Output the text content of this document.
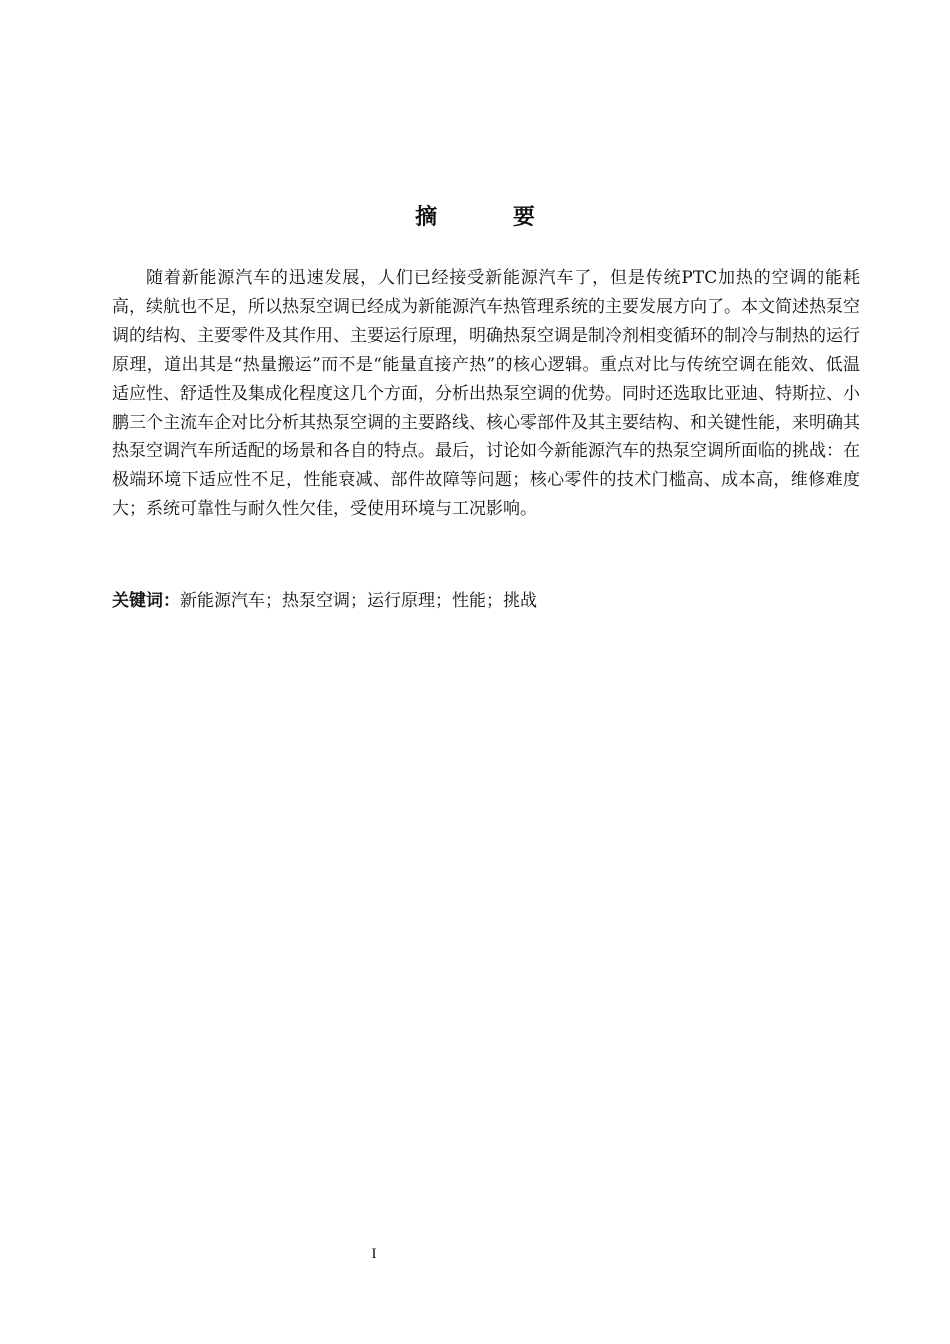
摘 要

随着新能源汽车的迅速发展，人们已经接受新能源汽车了，但是传统PTC加热的空调的能耗高，续航也不足，所以热泵空调已经成为新能源汽车热管理系统的主要发展方向了。本文简述热泵空调的结构、主要零件及其作用、主要运行原理，明确热泵空调是制冷剂相变循环的制冷与制热的运行原理，道出其是“热量搬运”而不是“能量直接产热”的核心逻辑。重点对比与传统空调在能效、低温适应性、舒适性及集成化程度这几个方面，分析出热泵空调的优势。同时还选取比亚迪、特斯拉、小鹏三个主流车企对比分析其热泵空调的主要路线、核心零部件及其主要结构、和关键性能，来明确其热泵空调汽车所适配的场景和各自的特点。最后，讨论如今新能源汽车的热泵空调所面临的挑战：在极端环境下适应性不足，性能衰减、部件故障等问题；核心零件的技术门槛高、成本高，维修难度大；系统可靠性与耐久性欠佳，受使用环境与工况影响。

关键词：新能源汽车；热泵空调；运行原理；性能；挑战

I
